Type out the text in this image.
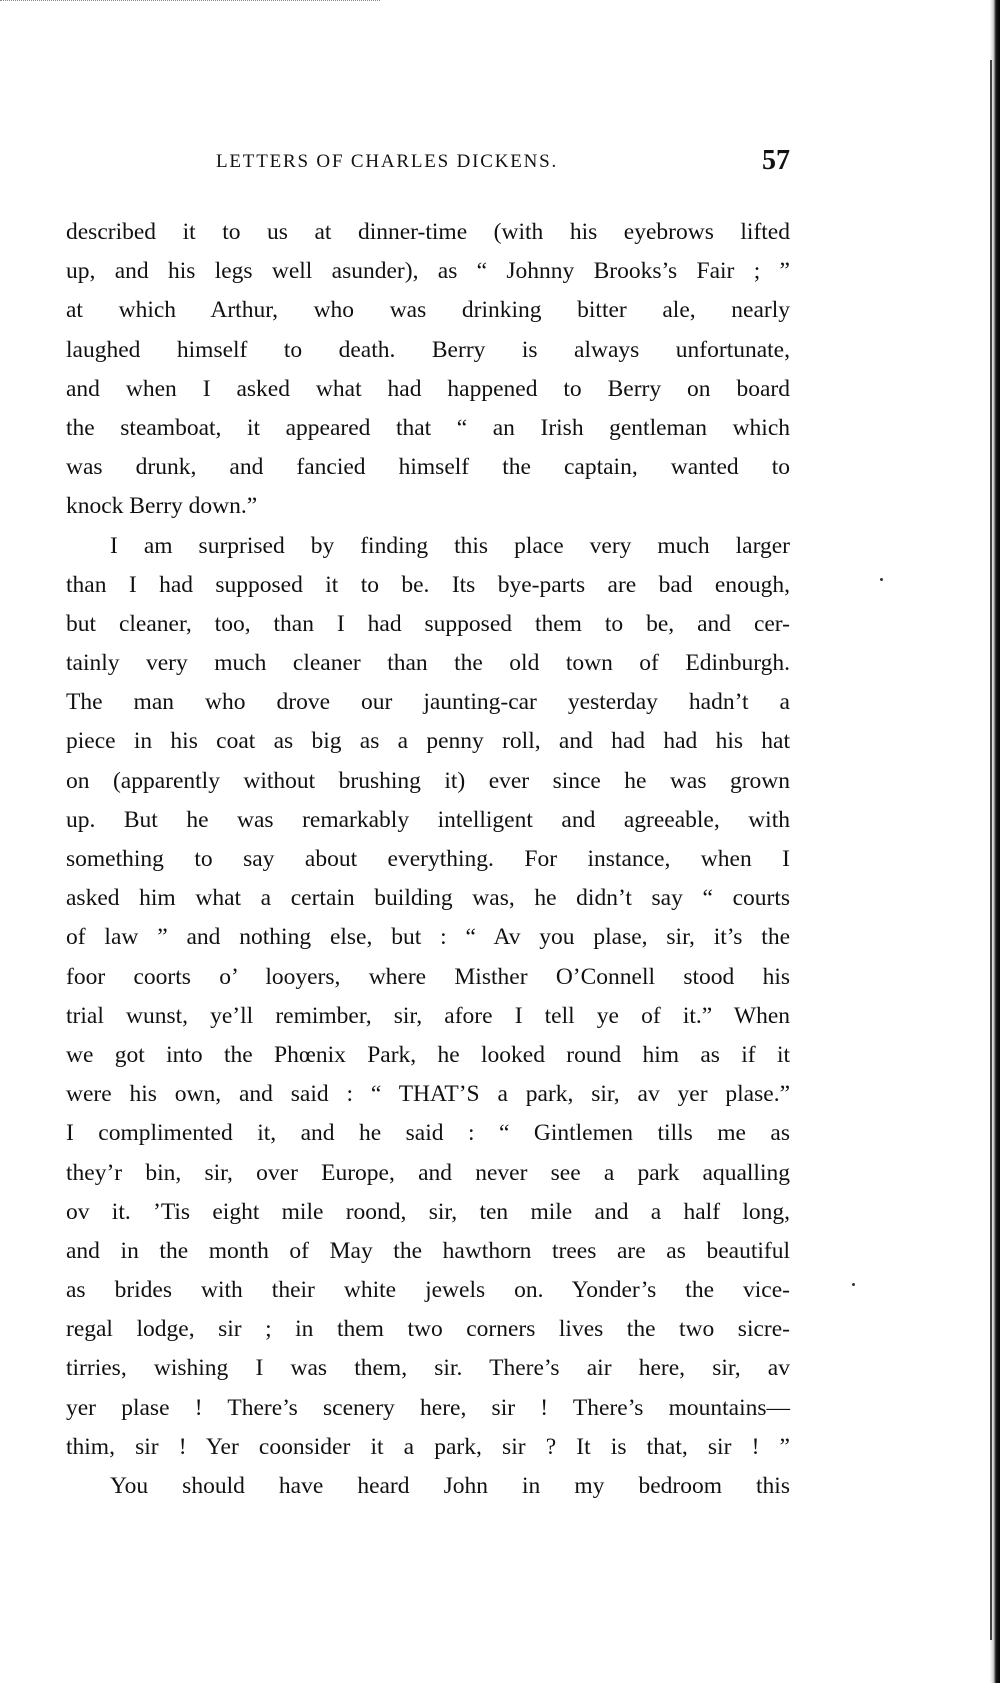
LETTERS OF CHARLES DICKENS.	57
described it to us at dinner-time (with his eyebrows lifted
up, and his legs well asunder), as “ Johnny Brooks’s Fair ; ”
at which Arthur, who was drinking bitter ale, nearly
laughed himself to death. Berry is always unfortunate,
and when I asked what had happened to Berry on board
the steamboat, it appeared that “ an Irish gentleman which
was drunk, and fancied himself the captain, wanted to
knock Berry down.”
I am surprised by finding this place very much larger
than I had supposed it to be. Its bye-parts are bad enough,
but cleaner, too, than I had supposed them to be, and cer-
tainly very much cleaner than the old town of Edinburgh.
The man who drove our jaunting-car yesterday hadn’t a
piece in his coat as big as a penny roll, and had had his hat
on (apparently without brushing it) ever since he was grown
up. But he was remarkably intelligent and agreeable, with
something to say about everything. For instance, when I
asked him what a certain building was, he didn’t say “ courts
of law ” and nothing else, but : “ Av you plase, sir, it’s the
foor coorts o’ looyers, where Misther O’Connell stood his
trial wunst, ye’ll remimber, sir, afore I tell ye of it.” When
we got into the Phœnix Park, he looked round him as if it
were his own, and said : “ THAT’S a park, sir, av yer plase.”
I complimented it, and he said : “ Gintlemen tills me as
they’r bin, sir, over Europe, and never see a park aqualling
ov it. ’Tis eight mile roond, sir, ten mile and a half long,
and in the month of May the hawthorn trees are as beautiful
as brides with their white jewels on. Yonder’s the vice-
regal lodge, sir ; in them two corners lives the two sicre-
tirries, wishing I was them, sir. There’s air here, sir, av
yer plase ! There’s scenery here, sir ! There’s mountains—
thim, sir ! Yer coonsider it a park, sir ? It is that, sir ! ”
You should have heard John in my bedroom this
